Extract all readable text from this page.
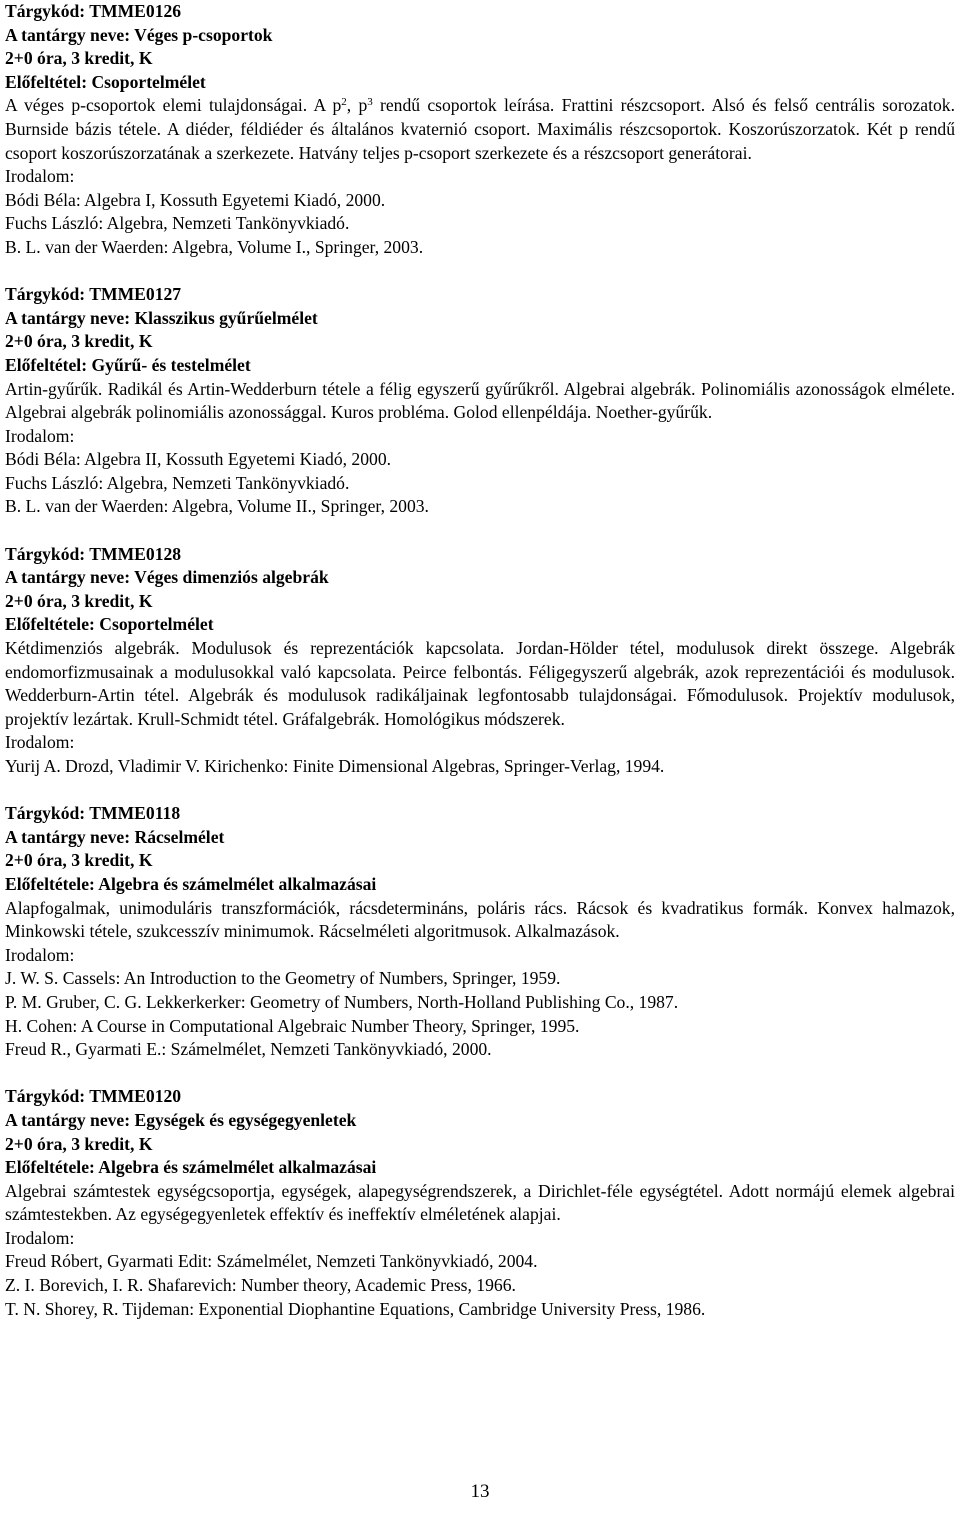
Tárgykód: TMME0126
A tantárgy neve: Véges p-csoportok
2+0 óra, 3 kredit, K
Előfeltétel: Csoportelmélet
A véges p-csoportok elemi tulajdonságai. A $p^2$, $p^3$ rendű csoportok leírása. Frattini részcsoport. Alsó és felső centrális sorozatok. Burnside bázis tétele. A diéder, féldiéder és általános kvaternió csoport. Maximális részcsoportok. Koszorúszorzatok. Két p rendű csoport koszorúszorzatának a szerkezete. Hatvány teljes p-csoport szerkezete és a részcsoport generátorai.
Irodalom:
Bódi Béla: Algebra I, Kossuth Egyetemi Kiadó, 2000.
Fuchs László: Algebra, Nemzeti Tankönyvkiadó.
B. L. van der Waerden: Algebra, Volume I., Springer, 2003.
Tárgykód: TMME0127
A tantárgy neve: Klasszikus gyűrűelmélet
2+0 óra, 3 kredit, K
Előfeltétel: Gyűrű- és testelmélet
Artin-gyűrűk. Radikál és Artin-Wedderburn tétele a félig egyszerű gyűrűkről. Algebrai algebrák. Polinomiális azonosságok elmélete. Algebrai algebrák polinomiális azonossággal. Kuros probléma. Golod ellenpéldája. Noether-gyűrűk.
Irodalom:
Bódi Béla: Algebra II, Kossuth Egyetemi Kiadó, 2000.
Fuchs László: Algebra, Nemzeti Tankönyvkiadó.
B. L. van der Waerden: Algebra, Volume II., Springer, 2003.
Tárgykód: TMME0128
A tantárgy neve: Véges dimenziós algebrák
2+0 óra, 3 kredit, K
Előfeltétele: Csoportelmélet
Kétdimenziós algebrák. Modulusok és reprezentációk kapcsolata. Jordan-Hölder tétel, modulusok direkt összege. Algebrák endomorfizmusainak a modulusokkal való kapcsolata. Peirce felbontás. Féligegyszerű algebrák, azok reprezentációi és modulusok. Wedderburn-Artin tétel. Algebrák és modulusok radikáljainak legfontosabb tulajdonságai. Főmodulusok. Projektív modulusok, projektív lezártak. Krull-Schmidt tétel. Gráfalgebrák. Homológikus módszerek.
Irodalom:
Yurij A. Drozd, Vladimir V. Kirichenko: Finite Dimensional Algebras, Springer-Verlag, 1994.
Tárgykód: TMME0118
A tantárgy neve: Rácselmélet
2+0 óra, 3 kredit, K
Előfeltétele: Algebra és számelmélet alkalmazásai
Alapfogalmak, unimoduláris transzformációk, rácsdetermináns, poláris rács. Rácsok és kvadratikus formák. Konvex halmazok, Minkowski tétele, szukcesszív minimumok. Rácselméleti algoritmusok. Alkalmazások.
Irodalom:
J. W. S. Cassels: An Introduction to the Geometry of Numbers, Springer, 1959.
P. M. Gruber, C. G. Lekkerkerker: Geometry of Numbers, North-Holland Publishing Co., 1987.
H. Cohen: A Course in Computational Algebraic Number Theory, Springer, 1995.
Freud R., Gyarmati E.: Számelmélet, Nemzeti Tankönyvkiadó, 2000.
Tárgykód: TMME0120
A tantárgy neve: Egységek és egységegyenletek
2+0 óra, 3 kredit, K
Előfeltétele: Algebra és számelmélet alkalmazásai
Algebrai számtestek egységcsoportja, egységek, alapegységrendszerek, a Dirichlet-féle egységtétel. Adott normájú elemek algebrai számtestekben. Az egységegyenletek effektív és ineffektív elméletének alapjai.
Irodalom:
Freud Róbert, Gyarmati Edit: Számelmélet, Nemzeti Tankönyvkiadó, 2004.
Z. I. Borevich, I. R. Shafarevich: Number theory, Academic Press, 1966.
T. N. Shorey, R. Tijdeman: Exponential Diophantine Equations, Cambridge University Press, 1986.
13
